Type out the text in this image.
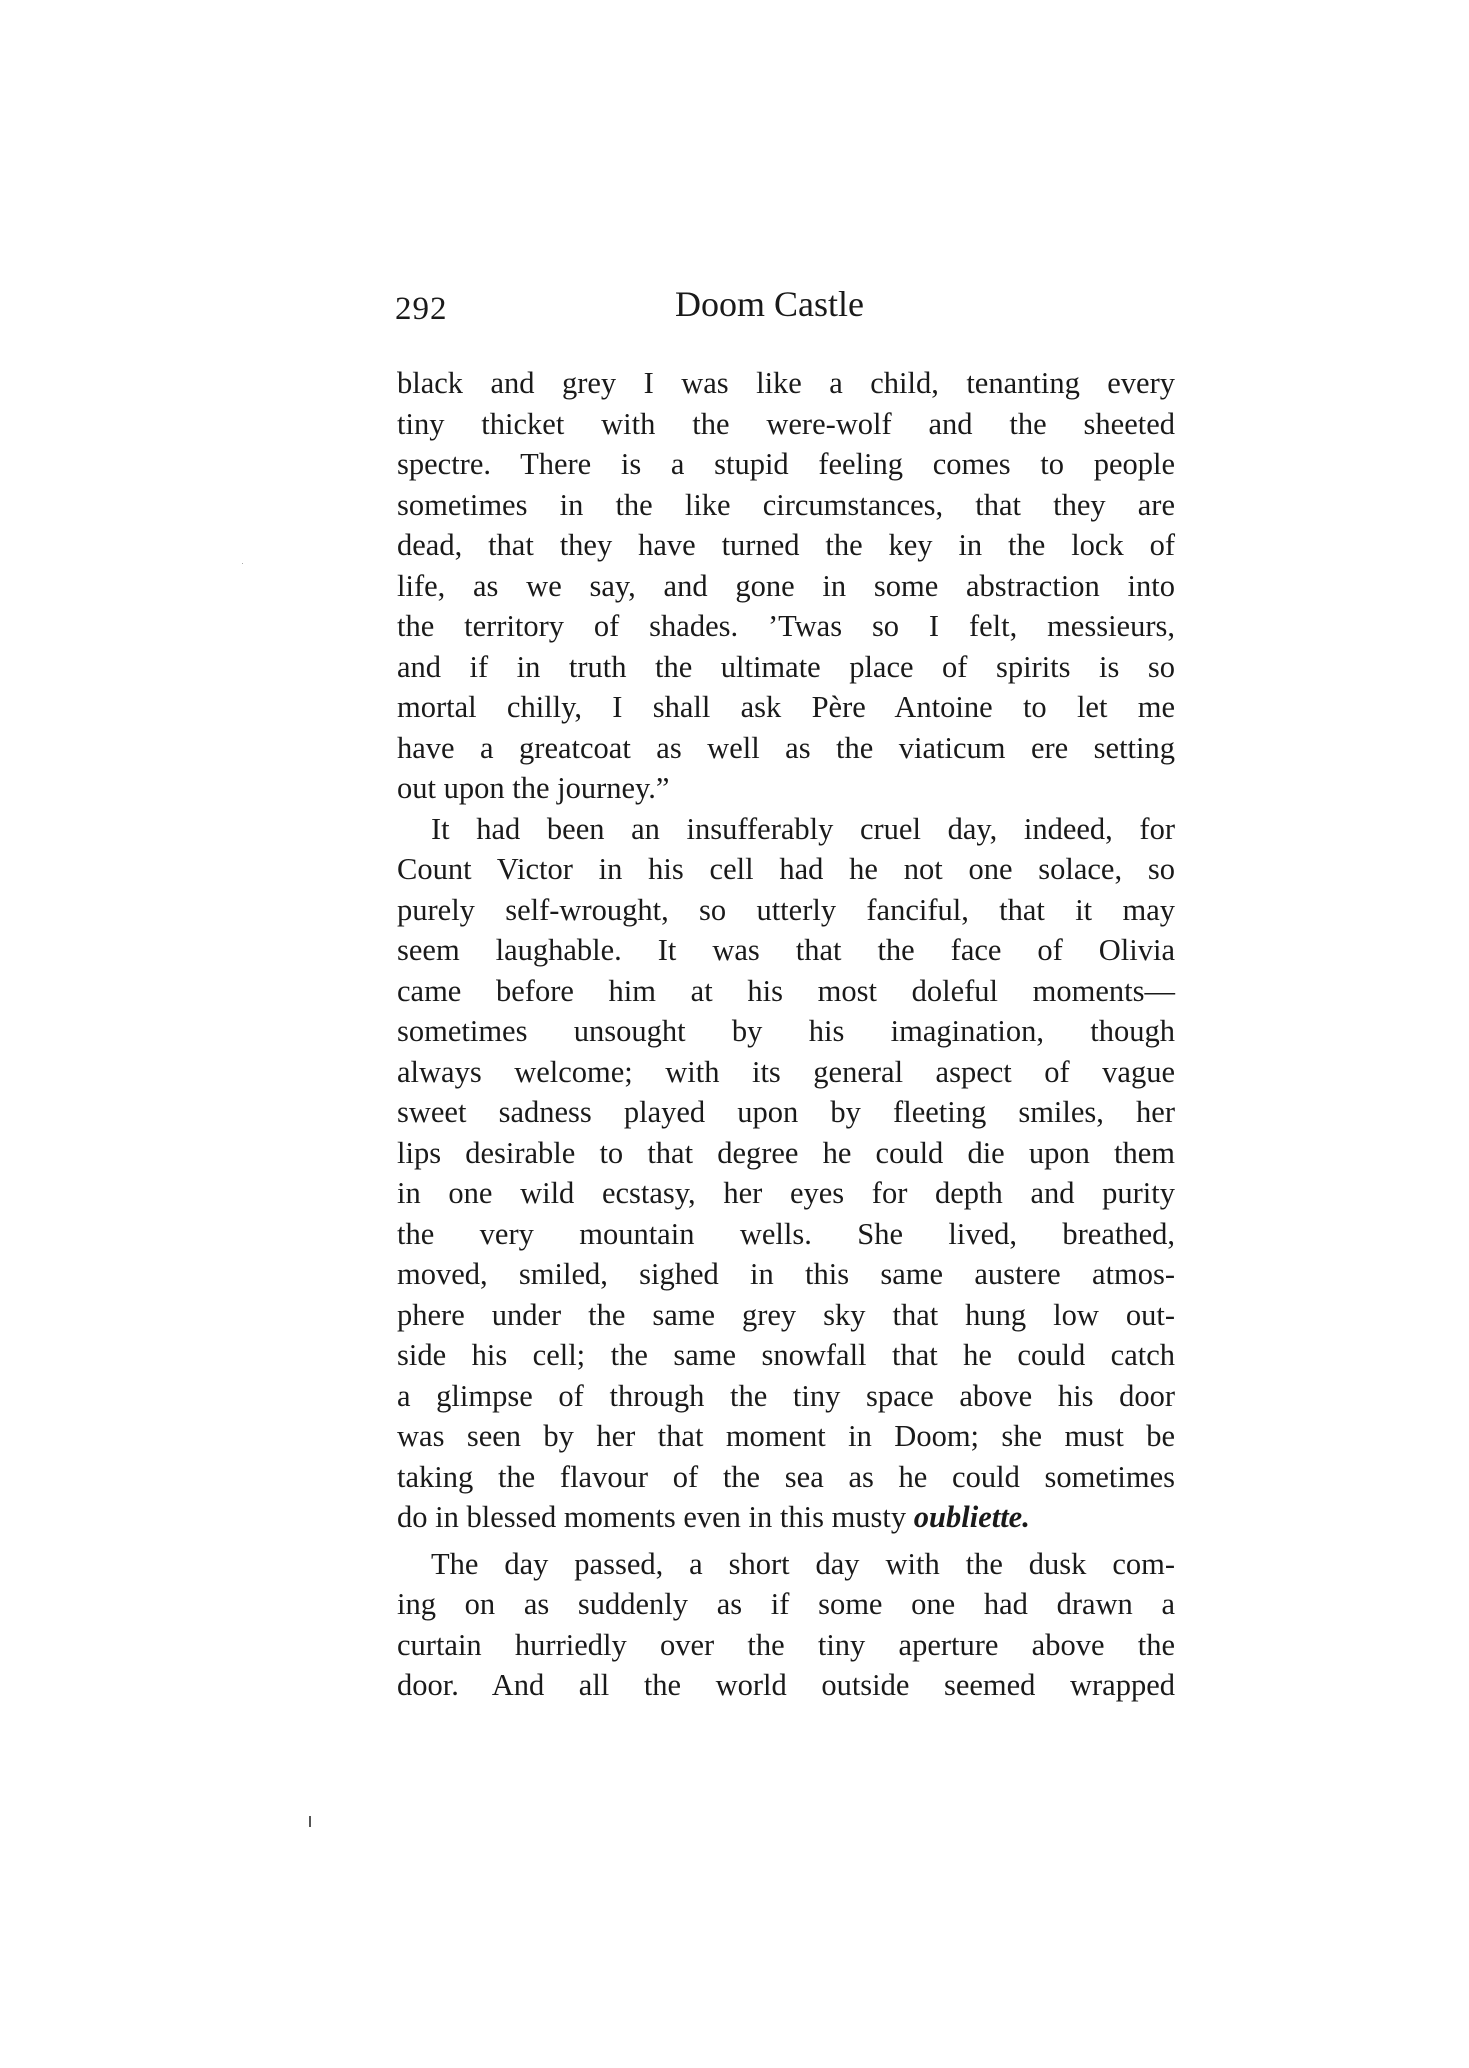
292	Doom Castle
black and grey I was like a child, tenanting every
tiny thicket with the were-wolf and the sheeted
spectre. There is a stupid feeling comes to people
sometimes in the like circumstances, that they are
dead, that they have turned the key in the lock of
life, as we say, and gone in some abstraction into
the territory of shades. ’Twas so I felt, messieurs,
and if in truth the ultimate place of spirits is so
mortal chilly, I shall ask Père Antoine to let me
have a greatcoat as well as the viaticum ere setting
out upon the journey.”
It had been an insufferably cruel day, indeed, for
Count Victor in his cell had he not one solace, so
purely self-wrought, so utterly fanciful, that it may
seem laughable. It was that the face of Olivia
came before him at his most doleful moments—
sometimes unsought by his imagination, though
always welcome; with its general aspect of vague
sweet sadness played upon by fleeting smiles, her
lips desirable to that degree he could die upon them
in one wild ecstasy, her eyes for depth and purity
the very mountain wells. She lived, breathed,
moved, smiled, sighed in this same austere atmos-
phere under the same grey sky that hung low out-
side his cell; the same snowfall that he could catch
a glimpse of through the tiny space above his door
was seen by her that moment in Doom; she must be
taking the flavour of the sea as he could sometimes
do in blessed moments even in this musty oubliette.
The day passed, a short day with the dusk com-
ing on as suddenly as if some one had drawn a
curtain hurriedly over the tiny aperture above the
door. And all the world outside seemed wrapped
